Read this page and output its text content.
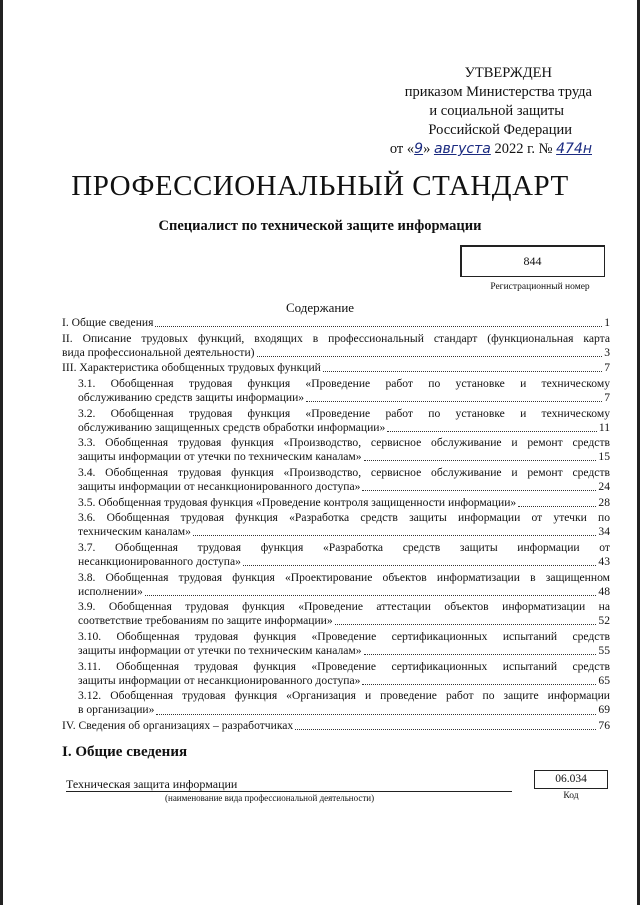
УТВЕРЖДЕН
приказом Министерства труда
и социальной защиты
Российской Федерации
от «9» августа 2022 г. № 474н
ПРОФЕССИОНАЛЬНЫЙ СТАНДАРТ
Специалист по технической защите информации
844
Регистрационный номер
Содержание
I. Общие сведения	1
II. Описание трудовых функций, входящих в профессиональный стандарт (функциональная карта
вида профессиональной деятельности)	3
III. Характеристика обобщенных трудовых функций	7
3.1. Обобщенная трудовая функция «Проведение работ по установке и техническому
обслуживанию средств защиты информации»	7
3.2. Обобщенная трудовая функция «Проведение работ по установке и техническому
обслуживанию защищенных средств обработки информации»	11
3.3. Обобщенная трудовая функция «Производство, сервисное обслуживание и ремонт средств
защиты информации от утечки по техническим каналам»	15
3.4. Обобщенная трудовая функция «Производство, сервисное обслуживание и ремонт средств
защиты информации от несанкционированного доступа»	24
3.5. Обобщенная трудовая функция «Проведение контроля защищенности информации»	28
3.6. Обобщенная трудовая функция «Разработка средств защиты информации от утечки по
техническим каналам»	34
3.7. Обобщенная трудовая функция «Разработка средств защиты информации от
несанкционированного доступа»	43
3.8. Обобщенная трудовая функция «Проектирование объектов информатизации в защищенном
исполнении»	48
3.9. Обобщенная трудовая функция «Проведение аттестации объектов информатизации на
соответствие требованиям по защите информации»	52
3.10. Обобщенная трудовая функция «Проведение сертификационных испытаний средств
защиты информации от утечки по техническим каналам»	55
3.11. Обобщенная трудовая функция «Проведение сертификационных испытаний средств
защиты информации от несанкционированного доступа»	65
3.12. Обобщенная трудовая функция «Организация и проведение работ по защите информации
в организации»	69
IV. Сведения об организациях – разработчиках	76
I. Общие сведения
Техническая защита информации
(наименование вида профессиональной деятельности)
06.034
Код
